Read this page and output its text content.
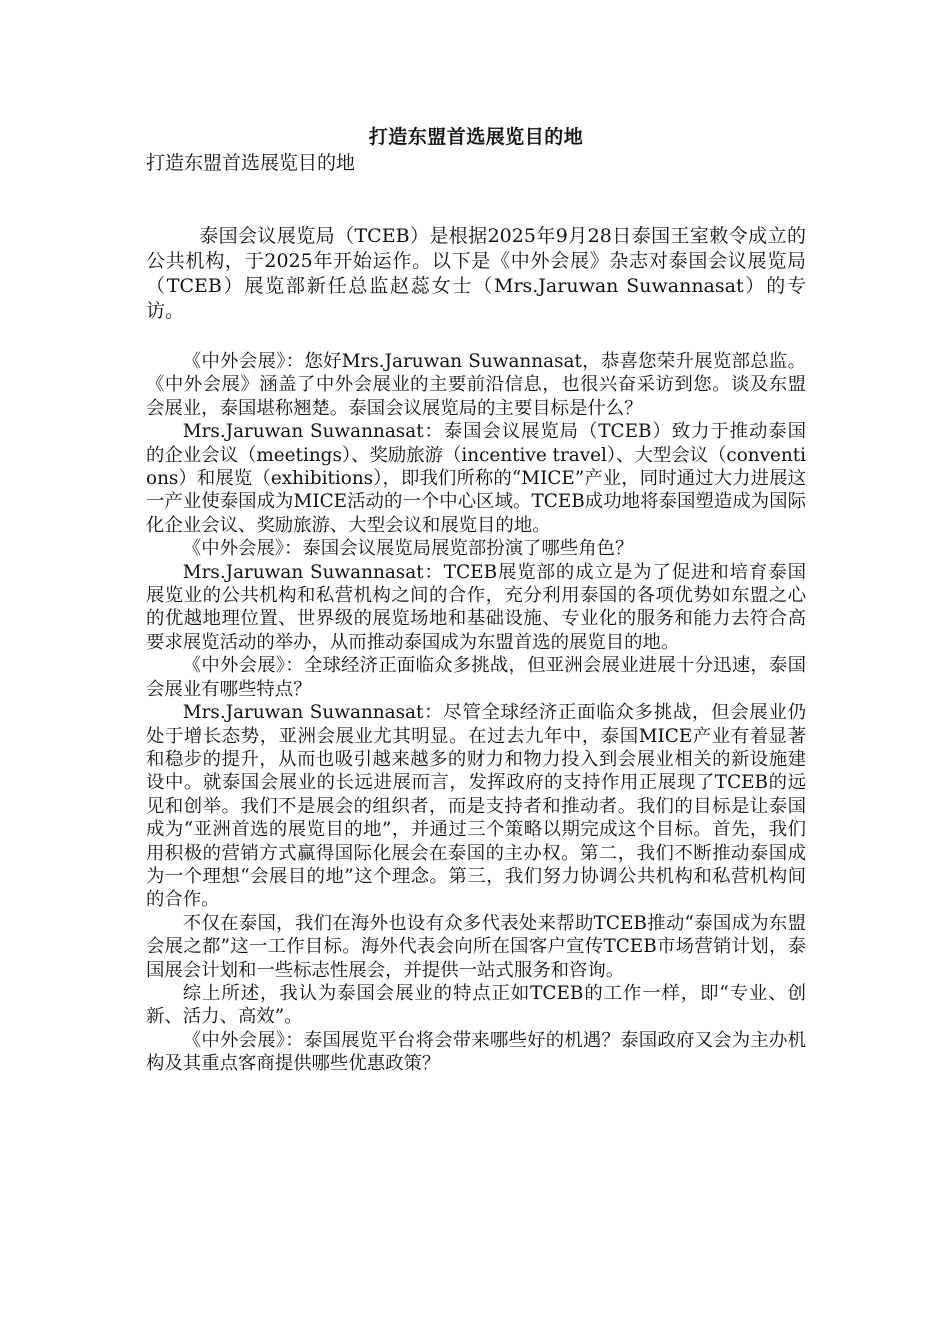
打造东盟首选展览目的地

打造东盟首选展览目的地

泰国会议展览局（TCEB）是根据2025年9月28日泰国王室敕令成立的公共机构，于2025年开始运作。以下是《中外会展》杂志对泰国会议展览局（TCEB）展览部新任总监赵蕊女士（Mrs.Jaruwan Suwannasat）的专访。

《中外会展》：您好Mrs.Jaruwan Suwannasat，恭喜您荣升展览部总监。《中外会展》涵盖了中外会展业的主要前沿信息，也很兴奋采访到您。谈及东盟会展业，泰国堪称翘楚。泰国会议展览局的主要目标是什么？

Mrs.Jaruwan Suwannasat：泰国会议展览局（TCEB）致力于推动泰国的企业会议（meetings）、奖励旅游（incentive travel）、大型会议（conventions）和展览（exhibitions），即我们所称的“MICE”产业，同时通过大力进展这一产业使泰国成为MICE活动的一个中心区域。TCEB成功地将泰国塑造成为国际化企业会议、奖励旅游、大型会议和展览目的地。

《中外会展》：泰国会议展览局展览部扮演了哪些角色？

Mrs.Jaruwan Suwannasat：TCEB展览部的成立是为了促进和培育泰国展览业的公共机构和私营机构之间的合作，充分利用泰国的各项优势如东盟之心的优越地理位置、世界级的展览场地和基础设施、专业化的服务和能力去符合高要求展览活动的举办，从而推动泰国成为东盟首选的展览目的地。

《中外会展》：全球经济正面临众多挑战，但亚洲会展业进展十分迅速，泰国会展业有哪些特点？

Mrs.Jaruwan Suwannasat：尽管全球经济正面临众多挑战，但会展业仍处于增长态势，亚洲会展业尤其明显。在过去九年中，泰国MICE产业有着显著和稳步的提升，从而也吸引越来越多的财力和物力投入到会展业相关的新设施建设中。就泰国会展业的长远进展而言，发挥政府的支持作用正展现了TCEB的远见和创举。我们不是展会的组织者，而是支持者和推动者。我们的目标是让泰国成为“亚洲首选的展览目的地”，并通过三个策略以期完成这个目标。首先，我们用积极的营销方式赢得国际化展会在泰国的主办权。第二，我们不断推动泰国成为一个理想“会展目的地”这个理念。第三，我们努力协调公共机构和私营机构间的合作。

不仅在泰国，我们在海外也设有众多代表处来帮助TCEB推动“泰国成为东盟会展之都”这一工作目标。海外代表会向所在国客户宣传TCEB市场营销计划，泰国展会计划和一些标志性展会，并提供一站式服务和咨询。

综上所述，我认为泰国会展业的特点正如TCEB的工作一样，即“专业、创新、活力、高效”。

《中外会展》：泰国展览平台将会带来哪些好的机遇？泰国政府又会为主办机构及其重点客商提供哪些优惠政策？
